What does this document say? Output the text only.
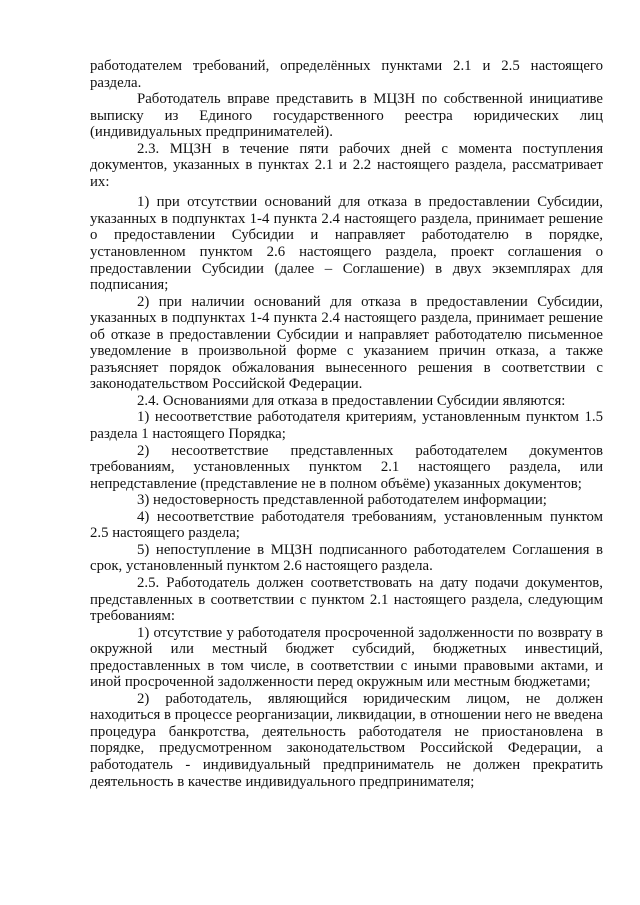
работодателем требований, определённых пунктами 2.1 и 2.5 настоящего раздела.

Работодатель вправе представить в МЦЗН по собственной инициативе выписку из Единого государственного реестра юридических лиц (индивидуальных предпринимателей).

2.3. МЦЗН в течение пяти рабочих дней с момента поступления документов, указанных в пунктах 2.1 и 2.2 настоящего раздела, рассматривает их:

1) при отсутствии оснований для отказа в предоставлении Субсидии, указанных в подпунктах 1-4 пункта 2.4 настоящего раздела, принимает решение о предоставлении Субсидии и направляет работодателю в порядке, установленном пунктом 2.6 настоящего раздела, проект соглашения о предоставлении Субсидии (далее – Соглашение) в двух экземплярах для подписания;

2) при наличии оснований для отказа в предоставлении Субсидии, указанных в подпунктах 1-4 пункта 2.4 настоящего раздела, принимает решение об отказе в предоставлении Субсидии и направляет работодателю письменное уведомление в произвольной форме с указанием причин отказа, а также разъясняет порядок обжалования вынесенного решения в соответствии с законодательством Российской Федерации.

2.4. Основаниями для отказа в предоставлении Субсидии являются:

1) несоответствие работодателя критериям, установленным пунктом 1.5 раздела 1 настоящего Порядка;

2) несоответствие представленных работодателем документов требованиям, установленных пунктом 2.1 настоящего раздела, или непредставление (представление не в полном объёме) указанных документов;

3) недостоверность представленной работодателем информации;

4) несоответствие работодателя требованиям, установленным пунктом 2.5 настоящего раздела;

5) непоступление в МЦЗН подписанного работодателем Соглашения в срок, установленный пунктом 2.6 настоящего раздела.

2.5. Работодатель должен соответствовать на дату подачи документов, представленных в соответствии с пунктом 2.1 настоящего раздела, следующим требованиям:

1) отсутствие у работодателя просроченной задолженности по возврату в окружной или местный бюджет субсидий, бюджетных инвестиций, предоставленных в том числе, в соответствии с иными правовыми актами, и иной просроченной задолженности перед окружным или местным бюджетами;

2) работодатель, являющийся юридическим лицом, не должен находиться в процессе реорганизации, ликвидации, в отношении него не введена процедура банкротства, деятельность работодателя не приостановлена в порядке, предусмотренном законодательством Российской Федерации, а работодатель - индивидуальный предприниматель не должен прекратить деятельность в качестве индивидуального предпринимателя;
